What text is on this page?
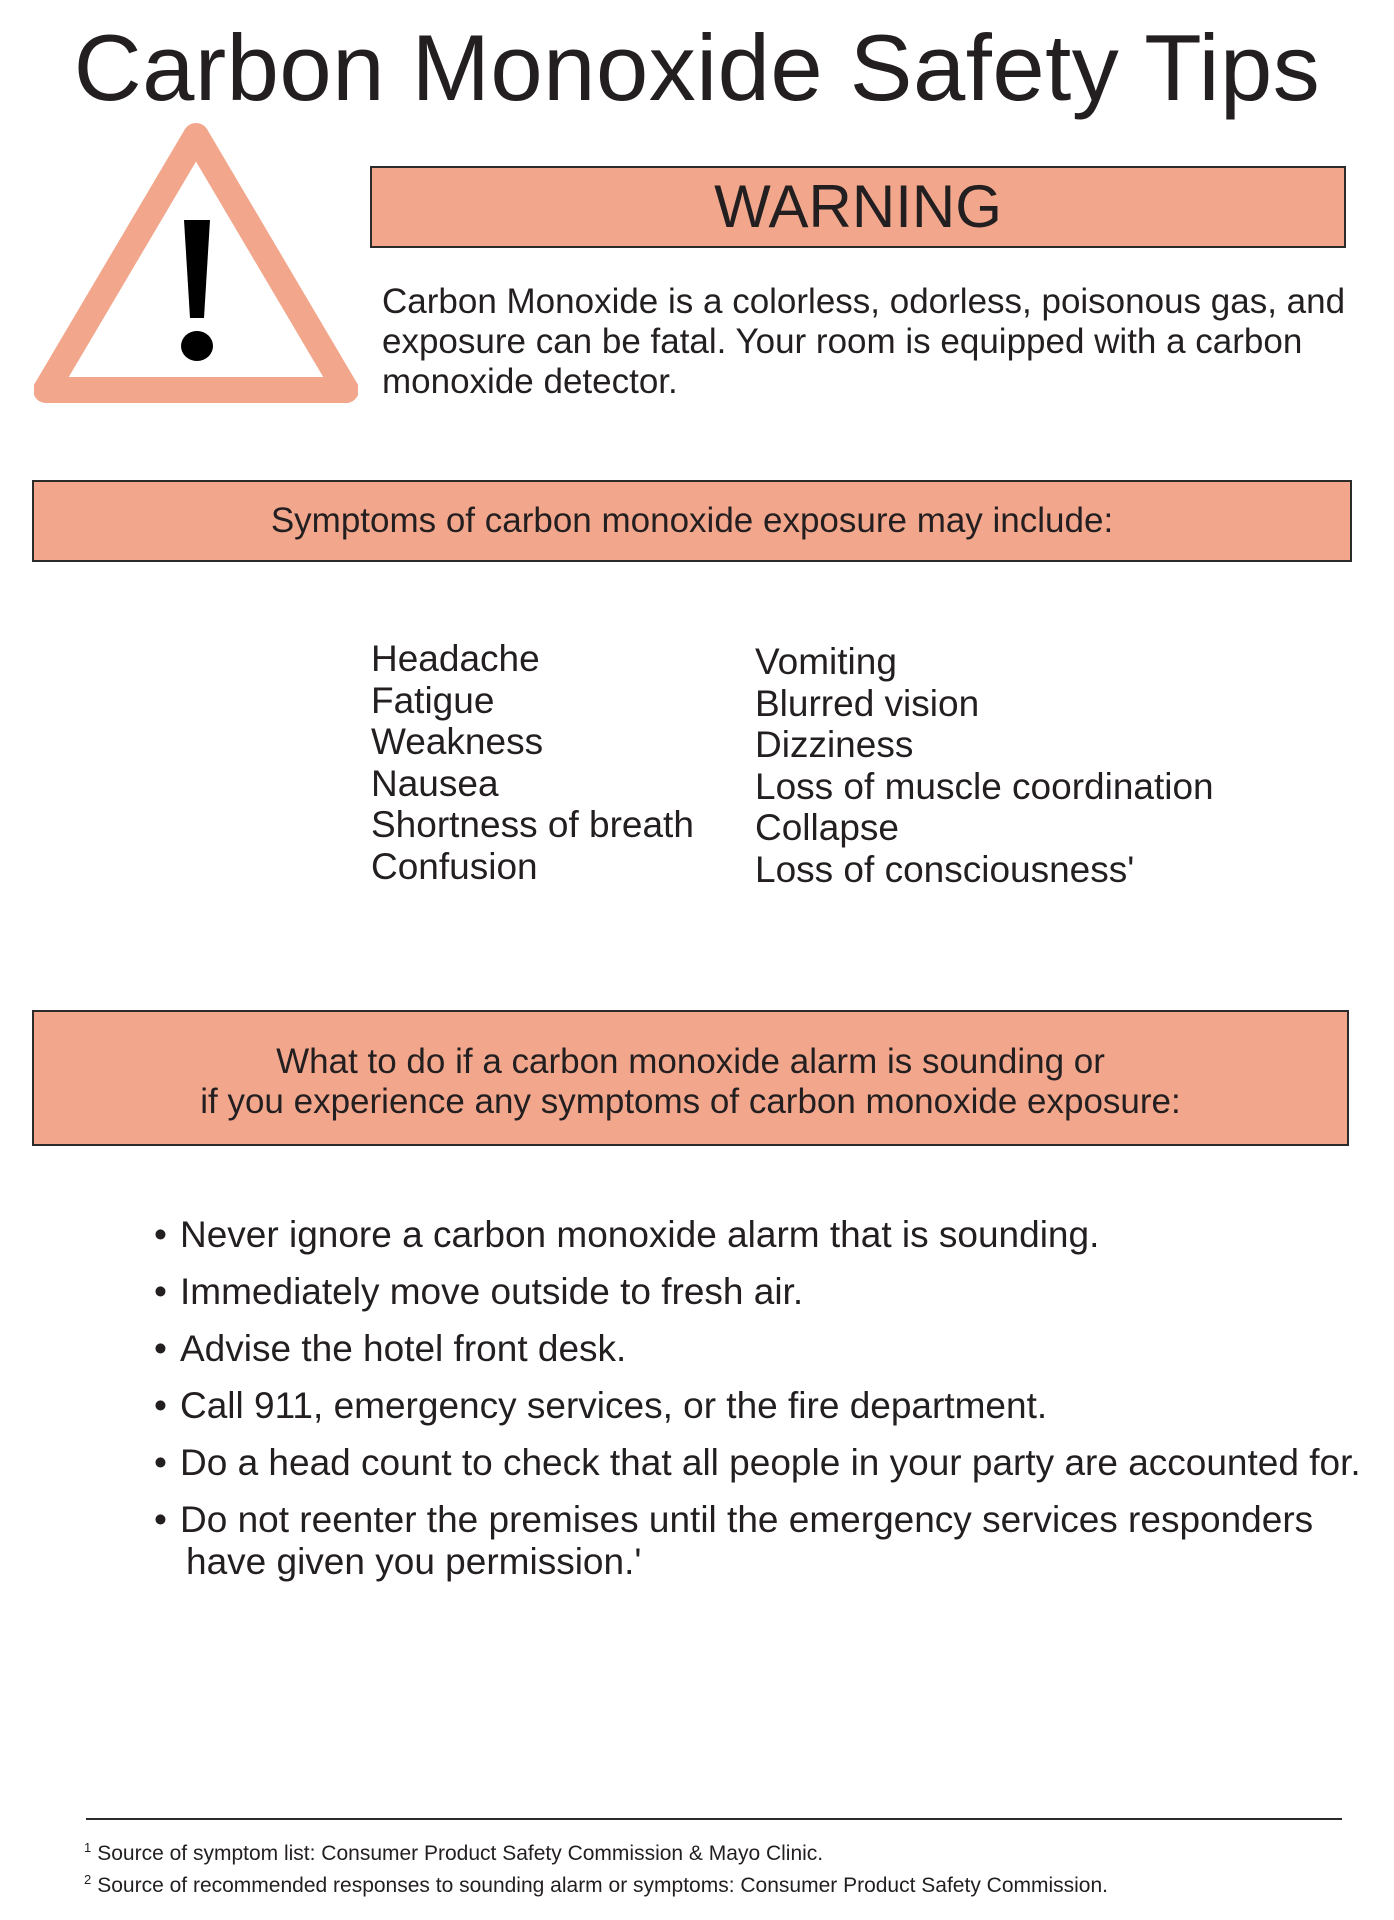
Carbon Monoxide Safety Tips
WARNING
Carbon Monoxide is a colorless, odorless, poisonous gas, and exposure can be fatal. Your room is equipped with a carbon monoxide detector.
Symptoms of carbon monoxide exposure may include:
Headache
Fatigue
Weakness
Nausea
Shortness of breath
Confusion
Vomiting
Blurred vision
Dizziness
Loss of muscle coordination
Collapse
Loss of consciousness'
What to do if a carbon monoxide alarm is sounding or
if you experience any symptoms of carbon monoxide exposure:
• Never ignore a carbon monoxide alarm that is sounding.
• Immediately move outside to fresh air.
• Advise the hotel front desk.
• Call 911, emergency services, or the fire department.
• Do a head count to check that all people in your party are accounted for.
• Do not reenter the premises until the emergency services responders
have given you permission.'
$^1$ Source of symptom list: Consumer Product Safety Commission & Mayo Clinic.
$^2$ Source of recommended responses to sounding alarm or symptoms: Consumer Product Safety Commission.
